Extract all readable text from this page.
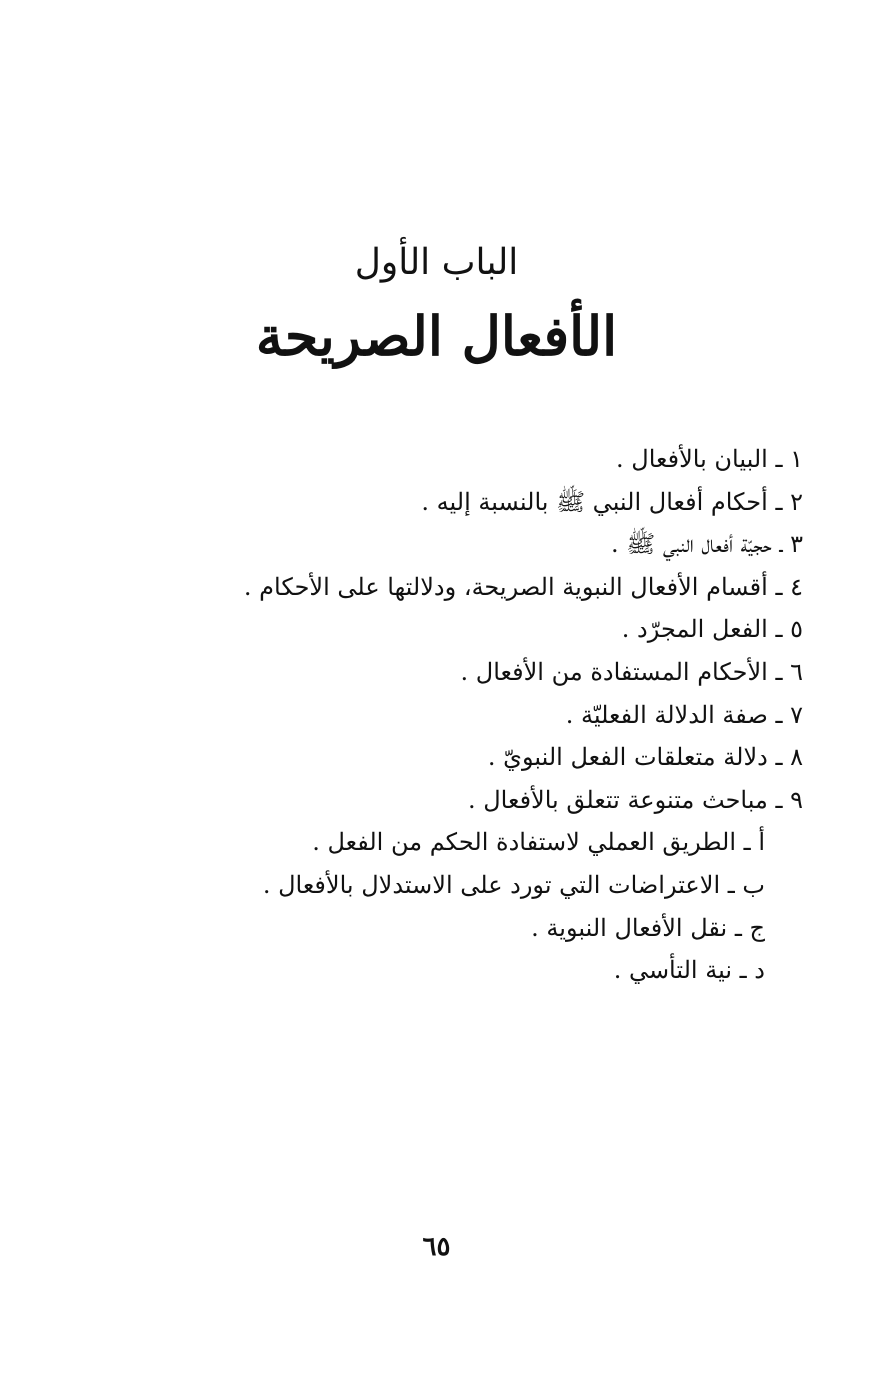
الباب الأول
الأفعال الصريحة
١ ـ البيان بالأفعال .
٢ ـ أحكام أفعال النبي ﷺ بالنسبة إليه .
٣ ـ حجيّة أفعال النبي ﷺ .
٤ ـ أقسام الأفعال النبوية الصريحة، ودلالتها على الأحكام .
٥ ـ الفعل المجرّد .
٦ ـ الأحكام المستفادة من الأفعال .
٧ ـ صفة الدلالة الفعليّة .
٨ ـ دلالة متعلقات الفعل النبويّ .
٩ ـ مباحث متنوعة تتعلق بالأفعال .
أ ـ الطريق العملي لاستفادة الحكم من الفعل .
ب ـ الاعتراضات التي تورد على الاستدلال بالأفعال .
ج ـ نقل الأفعال النبوية .
د ـ نية التأسي .
٦٥
